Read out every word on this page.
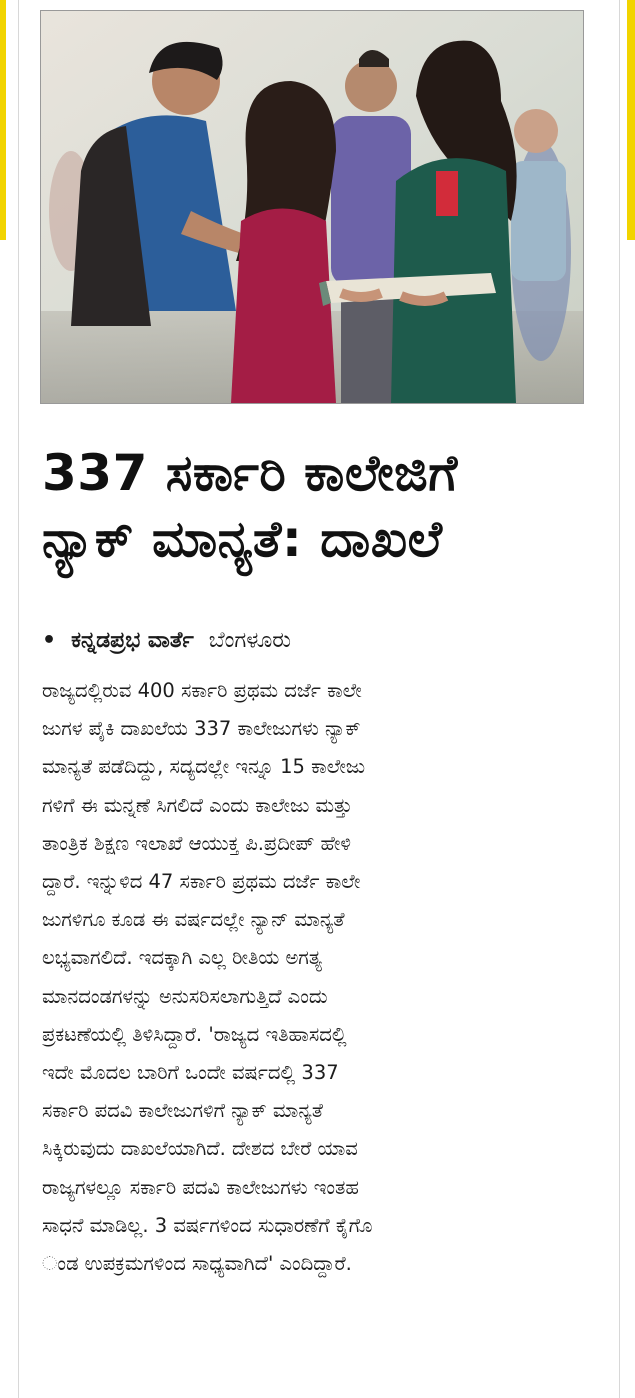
337 ಸರ್ಕಾರಿ ಕಾಲೇಜಿಗೆ
ನ್ಯಾಕ್ ಮಾನ್ಯತೆ: ದಾಖಲೆ
• ಕನ್ನಡಪ್ರಭ ವಾರ್ತೆ ಬೆಂಗಳೂರು
ರಾಜ್ಯದಲ್ಲಿರುವ 400 ಸರ್ಕಾರಿ ಪ್ರಥಮ ದರ್ಜೆ ಕಾಲೇ
ಜುಗಳ ಪೈಕಿ ದಾಖಲೆಯ 337 ಕಾಲೇಜುಗಳು ನ್ಯಾಕ್
ಮಾನ್ಯತೆ ಪಡೆದಿದ್ದು, ಸದ್ಯದಲ್ಲೇ ಇನ್ನೂ 15 ಕಾಲೇಜು
ಗಳಿಗೆ ಈ ಮನ್ನಣೆ ಸಿಗಲಿದೆ ಎಂದು ಕಾಲೇಜು ಮತ್ತು
ತಾಂತ್ರಿಕ ಶಿಕ್ಷಣ ಇಲಾಖೆ ಆಯುಕ್ತ ಪಿ.ಪ್ರದೀಪ್ ಹೇಳಿ
ದ್ದಾರೆ. ಇನ್ನುಳಿದ 47 ಸರ್ಕಾರಿ ಪ್ರಥಮ ದರ್ಜೆ ಕಾಲೇ
ಜುಗಳಿಗೂ ಕೂಡ ಈ ವರ್ಷದಲ್ಲೇ ನ್ಯಾನ್ ಮಾನ್ಯತೆ
ಲಭ್ಯವಾಗಲಿದೆ. ಇದಕ್ಕಾಗಿ ಎಲ್ಲ ರೀತಿಯ ಅಗತ್ಯ
ಮಾನದಂಡಗಳನ್ನು ಅನುಸರಿಸಲಾಗುತ್ತಿದೆ ಎಂದು
ಪ್ರಕಟಣೆಯಲ್ಲಿ ತಿಳಿಸಿದ್ದಾರೆ. 'ರಾಜ್ಯದ ಇತಿಹಾಸದಲ್ಲಿ
ಇದೇ ಮೊದಲ ಬಾರಿಗೆ ಒಂದೇ ವರ್ಷದಲ್ಲಿ 337
ಸರ್ಕಾರಿ ಪದವಿ ಕಾಲೇಜುಗಳಿಗೆ ನ್ಯಾಕ್ ಮಾನ್ಯತೆ
ಸಿಕ್ಕಿರುವುದು ದಾಖಲೆಯಾಗಿದೆ. ದೇಶದ ಬೇರೆ ಯಾವ
ರಾಜ್ಯಗಳಲ್ಲೂ ಸರ್ಕಾರಿ ಪದವಿ ಕಾಲೇಜುಗಳು ಇಂತಹ
ಸಾಧನೆ ಮಾಡಿಲ್ಲ. 3 ವರ್ಷಗಳಿಂದ ಸುಧಾರಣೆಗೆ ಕೈಗೊ
ಂಡ ಉಪಕ್ರಮಗಳಿಂದ ಸಾಧ್ಯವಾಗಿದೆ' ಎಂದಿದ್ದಾರೆ.
